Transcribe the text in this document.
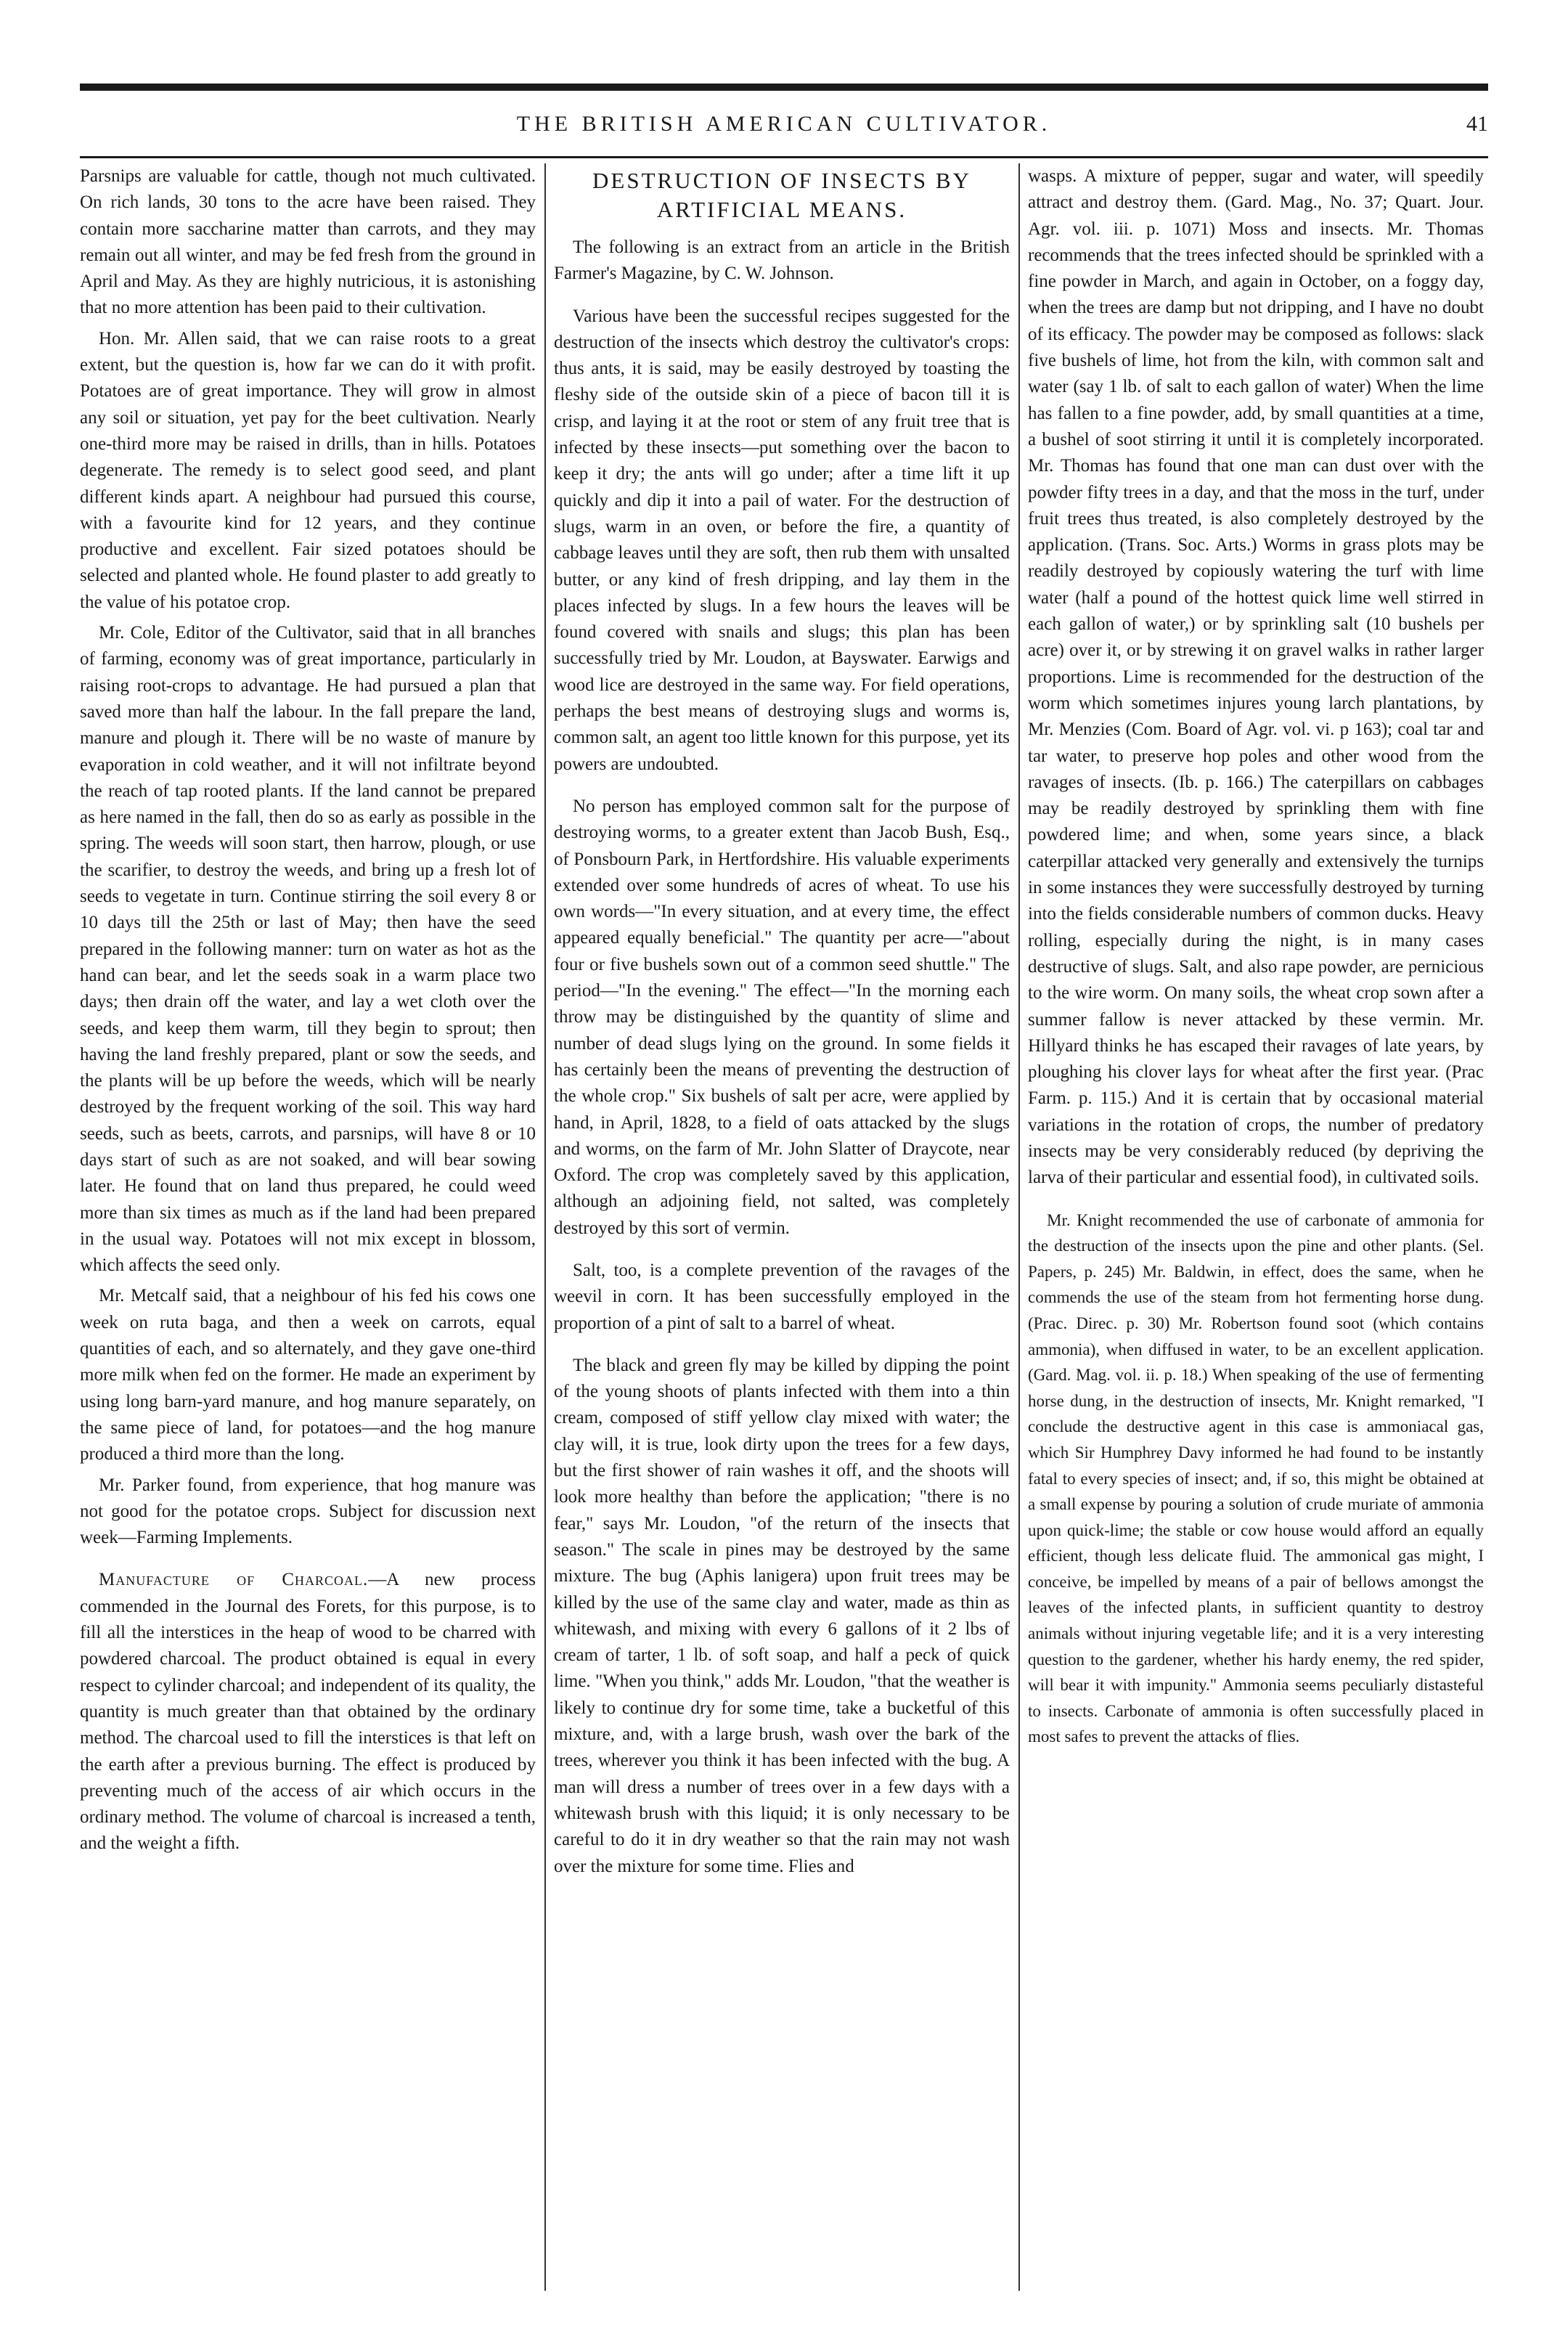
THE BRITISH AMERICAN CULTIVATOR.	41

Parsnips are valuable for cattle, though not much cultivated. On rich lands, 30 tons to the acre have been raised. They contain more saccharine matter than carrots, and they may remain out all winter, and may be fed fresh from the ground in April and May. As they are highly nutricious, it is astonishing that no more attention has been paid to their cultivation.

Hon. Mr. Allen said, that we can raise roots to a great extent, but the question is, how far we can do it with profit. Potatoes are of great importance. They will grow in almost any soil or situation, yet pay for the beet cultivation. Nearly one-third more may be raised in drills, than in hills. Potatoes degenerate. The remedy is to select good seed, and plant different kinds apart. A neighbour had pursued this course, with a favourite kind for 12 years, and they continue productive and excellent. Fair sized potatoes should be selected and planted whole. He found plaster to add greatly to the value of his potatoe crop.

Mr. Cole, Editor of the Cultivator, said that in all branches of farming, economy was of great importance, particularly in raising root-crops to advantage. He had pursued a plan that saved more than half the labour. In the fall prepare the land, manure and plough it. There will be no waste of manure by evaporation in cold weather, and it will not infiltrate beyond the reach of tap rooted plants. If the land cannot be prepared as here named in the fall, then do so as early as possible in the spring. The weeds will soon start, then harrow, plough, or use the scarifier, to destroy the weeds, and bring up a fresh lot of seeds to vegetate in turn. Continue stirring the soil every 8 or 10 days till the 25th or last of May; then have the seed prepared in the following manner: turn on water as hot as the hand can bear, and let the seeds soak in a warm place two days; then drain off the water, and lay a wet cloth over the seeds, and keep them warm, till they begin to sprout; then having the land freshly prepared, plant or sow the seeds, and the plants will be up before the weeds, which will be nearly destroyed by the frequent working of the soil. This way hard seeds, such as beets, carrots, and parsnips, will have 8 or 10 days start of such as are not soaked, and will bear sowing later. He found that on land thus prepared, he could weed more than six times as much as if the land had been prepared in the usual way. Potatoes will not mix except in blossom, which affects the seed only.

Mr. Metcalf said, that a neighbour of his fed his cows one week on ruta baga, and then a week on carrots, equal quantities of each, and so alternately, and they gave one-third more milk when fed on the former. He made an experiment by using long barn-yard manure, and hog manure separately, on the same piece of land, for potatoes—and the hog manure produced a third more than the long.

Mr. Parker found, from experience, that hog manure was not good for the potatoe crops. Subject for discussion next week—Farming Implements.

Manufacture of Charcoal.—A new process commended in the Journal des Forets, for this purpose, is to fill all the interstices in the heap of wood to be charred with powdered charcoal. The product obtained is equal in every respect to cylinder charcoal; and independent of its quality, the quantity is much greater than that obtained by the ordinary method. The charcoal used to fill the interstices is that left on the earth after a previous burning. The effect is produced by preventing much of the access of air which occurs in the ordinary method. The volume of charcoal is increased a tenth, and the weight a fifth.

DESTRUCTION OF INSECTS BY ARTIFICIAL MEANS.

The following is an extract from an article in the British Farmer's Magazine, by C. W. Johnson.

Various have been the successful recipes suggested for the destruction of the insects which destroy the cultivator's crops: thus ants, it is said, may be easily destroyed by toasting the fleshy side of the outside skin of a piece of bacon till it is crisp, and laying it at the root or stem of any fruit tree that is infected by these insects—put something over the bacon to keep it dry; the ants will go under; after a time lift it up quickly and dip it into a pail of water. For the destruction of slugs, warm in an oven, or before the fire, a quantity of cabbage leaves until they are soft, then rub them with unsalted butter, or any kind of fresh dripping, and lay them in the places infected by slugs. In a few hours the leaves will be found covered with snails and slugs; this plan has been successfully tried by Mr. Loudon, at Bayswater. Earwigs and wood lice are destroyed in the same way. For field operations, perhaps the best means of destroying slugs and worms is, common salt, an agent too little known for this purpose, yet its powers are undoubted.

No person has employed common salt for the purpose of destroying worms, to a greater extent than Jacob Bush, Esq., of Ponsbourn Park, in Hertfordshire. His valuable experiments extended over some hundreds of acres of wheat. To use his own words—"In every situation, and at every time, the effect appeared equally beneficial." The quantity per acre—"about four or five bushels sown out of a common seed shuttle." The period—"In the evening." The effect—"In the morning each throw may be distinguished by the quantity of slime and number of dead slugs lying on the ground. In some fields it has certainly been the means of preventing the destruction of the whole crop." Six bushels of salt per acre, were applied by hand, in April, 1828, to a field of oats attacked by the slugs and worms, on the farm of Mr. John Slatter of Draycote, near Oxford. The crop was completely saved by this application, although an adjoining field, not salted, was completely destroyed by this sort of vermin.

Salt, too, is a complete prevention of the ravages of the weevil in corn. It has been successfully employed in the proportion of a pint of salt to a barrel of wheat.

The black and green fly may be killed by dipping the point of the young shoots of plants infected with them into a thin cream, composed of stiff yellow clay mixed with water; the clay will, it is true, look dirty upon the trees for a few days, but the first shower of rain washes it off, and the shoots will look more healthy than before the application; "there is no fear," says Mr. Loudon, "of the return of the insects that season." The scale in pines may be destroyed by the same mixture. The bug (Aphis lanigera) upon fruit trees may be killed by the use of the same clay and water, made as thin as whitewash, and mixing with every 6 gallons of it 2 lbs of cream of tarter, 1 lb. of soft soap, and half a peck of quick lime. "When you think," adds Mr. Loudon, "that the weather is likely to continue dry for some time, take a bucketful of this mixture, and, with a large brush, wash over the bark of the trees, wherever you think it has been infected with the bug. A man will dress a number of trees over in a few days with a whitewash brush with this liquid; it is only necessary to be careful to do it in dry weather so that the rain may not wash over the mixture for some time. Flies and

wasps. A mixture of pepper, sugar and water, will speedily attract and destroy them. (Gard. Mag., No. 37; Quart. Jour. Agr. vol. iii. p. 1071) Moss and insects. Mr. Thomas recommends that the trees infected should be sprinkled with a fine powder in March, and again in October, on a foggy day, when the trees are damp but not dripping, and I have no doubt of its efficacy. The powder may be composed as follows: slack five bushels of lime, hot from the kiln, with common salt and water (say 1 lb. of salt to each gallon of water) When the lime has fallen to a fine powder, add, by small quantities at a time, a bushel of soot stirring it until it is completely incorporated. Mr. Thomas has found that one man can dust over with the powder fifty trees in a day, and that the moss in the turf, under fruit trees thus treated, is also completely destroyed by the application. (Trans. Soc. Arts.) Worms in grass plots may be readily destroyed by copiously watering the turf with lime water (half a pound of the hottest quick lime well stirred in each gallon of water,) or by sprinkling salt (10 bushels per acre) over it, or by strewing it on gravel walks in rather larger proportions. Lime is recommended for the destruction of the worm which sometimes injures young larch plantations, by Mr. Menzies (Com. Board of Agr. vol. vi. p 163); coal tar and tar water, to preserve hop poles and other wood from the ravages of insects. (Ib. p. 166.) The caterpillars on cabbages may be readily destroyed by sprinkling them with fine powdered lime; and when, some years since, a black caterpillar attacked very generally and extensively the turnips in some instances they were successfully destroyed by turning into the fields considerable numbers of common ducks. Heavy rolling, especially during the night, is in many cases destructive of slugs. Salt, and also rape powder, are pernicious to the wire worm. On many soils, the wheat crop sown after a summer fallow is never attacked by these vermin. Mr. Hillyard thinks he has escaped their ravages of late years, by ploughing his clover lays for wheat after the first year. (Prac Farm. p. 115.) And it is certain that by occasional material variations in the rotation of crops, the number of predatory insects may be very considerably reduced (by depriving the larva of their particular and essential food), in cultivated soils.

Mr. Knight recommended the use of carbonate of ammonia for the destruction of the insects upon the pine and other plants. (Sel. Papers, p. 245) Mr. Baldwin, in effect, does the same, when he commends the use of the steam from hot fermenting horse dung. (Prac. Direc. p. 30) Mr. Robertson found soot (which contains ammonia), when diffused in water, to be an excellent application. (Gard. Mag. vol. ii. p. 18.) When speaking of the use of fermenting horse dung, in the destruction of insects, Mr. Knight remarked, "I conclude the destructive agent in this case is ammoniacal gas, which Sir Humphrey Davy informed he had found to be instantly fatal to every species of insect; and, if so, this might be obtained at a small expense by pouring a solution of crude muriate of ammonia upon quick-lime; the stable or cow house would afford an equally efficient, though less delicate fluid. The ammonical gas might, I conceive, be impelled by means of a pair of bellows amongst the leaves of the infected plants, in sufficient quantity to destroy animals without injuring vegetable life; and it is a very interesting question to the gardener, whether his hardy enemy, the red spider, will bear it with impunity." Ammonia seems peculiarly distasteful to insects. Carbonate of ammonia is often successfully placed in most safes to prevent the attacks of flies.
